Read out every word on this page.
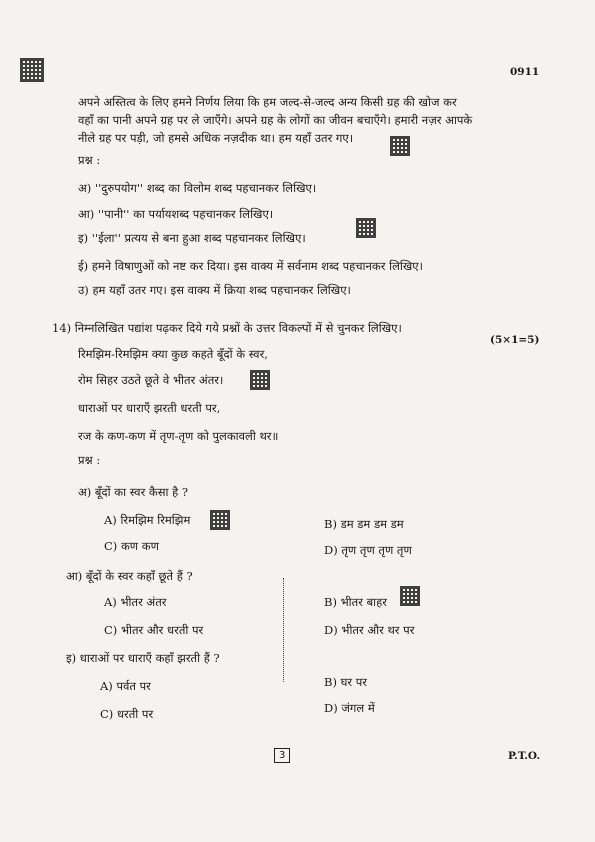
0911
अपने अस्तित्व के लिए हमने निर्णय लिया कि हम जल्द-से-जल्द अन्य किसी ग्रह की खोज कर
वहाँ का पानी अपने ग्रह पर ले जाएँगे। अपने ग्रह के लोगों का जीवन बचाएँगे। हमारी नज़र आपके
नीले ग्रह पर पड़ी, जो हमसे अधिक नज़दीक था। हम यहाँ उतर गए।
प्रश्न :
अ) ''दुरुपयोग'' शब्द का विलोम शब्द पहचानकर लिखिए।
आ) ''पानी'' का पर्यायशब्द पहचानकर लिखिए।
इ) ''ईला'' प्रत्यय से बना हुआ शब्द पहचानकर लिखिए।
ई) हमने विषाणुओं को नष्ट कर दिया। इस वाक्य में सर्वनाम शब्द पहचानकर लिखिए।
उ) हम यहाँ उतर गए। इस वाक्य में क्रिया शब्द पहचानकर लिखिए।
14) निम्नलिखित पद्यांश पढ़कर दिये गये प्रश्नों के उत्तर विकल्पों में से चुनकर लिखिए।
(5×1=5)
रिमझिम-रिमझिम क्या कुछ कहते बूँदों के स्वर,
रोम सिहर उठते छूते वे भीतर अंतर।
धाराओं पर धाराएँ झरती धरती पर,
रज के कण-कण में तृण-तृण को पुलकावली थर॥
प्रश्न :
अ) बूँदों का स्वर कैसा है ?
A) रिमझिम रिमझिम	B) डम डम डम डम
C) कण कण	D) तृण तृण तृण तृण
आ) बूँदों के स्वर कहाँ छूते हैं ?
A) भीतर अंतर	B) भीतर बाहर
C) भीतर और धरती पर	D) भीतर और थर पर
इ) धाराओं पर धाराएँ कहाँ झरती हैं ?
A) पर्वत पर	B) घर पर
C) धरती पर	D) जंगल में
3	P.T.O.
